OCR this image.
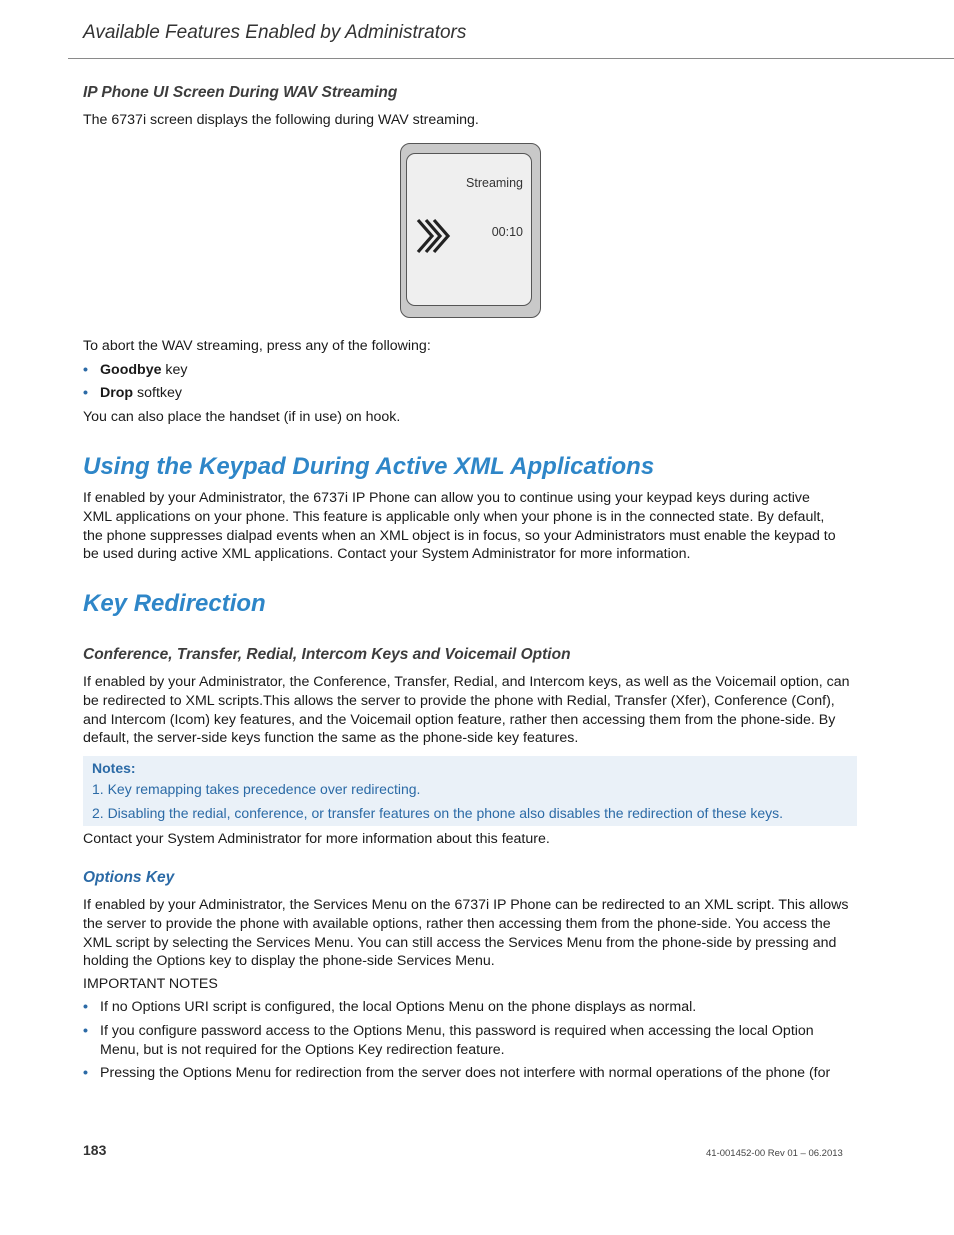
Available Features Enabled by Administrators
IP Phone UI Screen During WAV Streaming
The 6737i screen displays the following during WAV streaming.
Streaming
00:10
To abort the WAV streaming, press any of the following:
• Goodbye key
• Drop softkey
You can also place the handset (if in use) on hook.
Using the Keypad During Active XML Applications
If enabled by your Administrator, the 6737i IP Phone can allow you to continue using your keypad keys during active
XML applications on your phone. This feature is applicable only when your phone is in the connected state. By default,
the phone suppresses dialpad events when an XML object is in focus, so your Administrators must enable the keypad to
be used during active XML applications. Contact your System Administrator for more information.
Key Redirection
Conference, Transfer, Redial, Intercom Keys and Voicemail Option
If enabled by your Administrator, the Conference, Transfer, Redial, and Intercom keys, as well as the Voicemail option, can
be redirected to XML scripts.This allows the server to provide the phone with Redial, Transfer (Xfer), Conference (Conf),
and Intercom (Icom) key features, and the Voicemail option feature, rather then accessing them from the phone-side. By
default, the server-side keys function the same as the phone-side key features.
Notes:
1. Key remapping takes precedence over redirecting.
2. Disabling the redial, conference, or transfer features on the phone also disables the redirection of these keys.
Contact your System Administrator for more information about this feature.
Options Key
If enabled by your Administrator, the Services Menu on the 6737i IP Phone can be redirected to an XML script. This allows
the server to provide the phone with available options, rather then accessing them from the phone-side. You access the
XML script by selecting the Services Menu. You can still access the Services Menu from the phone-side by pressing and
holding the Options key to display the phone-side Services Menu.
IMPORTANT NOTES
• If no Options URI script is configured, the local Options Menu on the phone displays as normal.
• If you configure password access to the Options Menu, this password is required when accessing the local Option
Menu, but is not required for the Options Key redirection feature.
• Pressing the Options Menu for redirection from the server does not interfere with normal operations of the phone (for
183	41-001452-00 Rev 01 – 06.2013
